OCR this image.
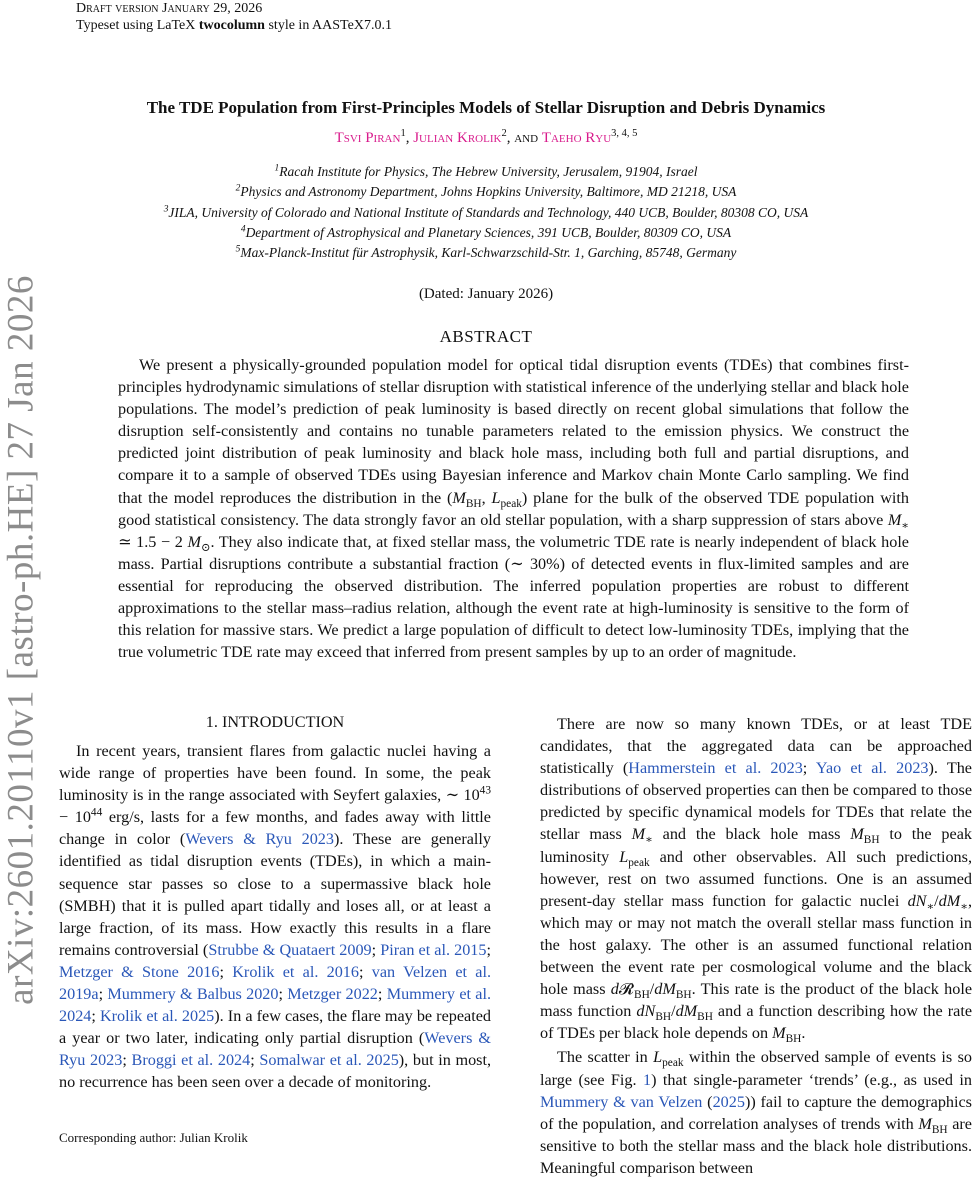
arXiv:2601.20110v1 [astro-ph.HE] 27 Jan 2026
Draft version January 29, 2026
Typeset using LaTeX twocolumn style in AASTeX7.0.1
The TDE Population from First-Principles Models of Stellar Disruption and Debris Dynamics
Tsvi Piran$^1$, Julian Krolik$^2$, and Taeho Ryu$^{3, 4, 5}$
$^1$Racah Institute for Physics, The Hebrew University, Jerusalem, 91904, Israel
$^2$Physics and Astronomy Department, Johns Hopkins University, Baltimore, MD 21218, USA
$^3$JILA, University of Colorado and National Institute of Standards and Technology, 440 UCB, Boulder, 80308 CO, USA
$^4$Department of Astrophysical and Planetary Sciences, 391 UCB, Boulder, 80309 CO, USA
$^5$Max-Planck-Institut für Astrophysik, Karl-Schwarzschild-Str. 1, Garching, 85748, Germany
(Dated: January 2026)
ABSTRACT
We present a physically-grounded population model for optical tidal disruption events (TDEs) that combines first-principles hydrodynamic simulations of stellar disruption with statistical inference of the underlying stellar and black hole populations. The model’s prediction of peak luminosity is based directly on recent global simulations that follow the disruption self-consistently and contains no tunable parameters related to the emission physics. We construct the predicted joint distribution of peak luminosity and black hole mass, including both full and partial disruptions, and compare it to a sample of observed TDEs using Bayesian inference and Markov chain Monte Carlo sampling. We find that the model reproduces the distribution in the ($M_{BH}$, $L_{peak}$) plane for the bulk of the observed TDE population with good statistical consistency. The data strongly favor an old stellar population, with a sharp suppression of stars above $M_∗$ ≃ 1.5 − 2 $M_⊙$. They also indicate that, at fixed stellar mass, the volumetric TDE rate is nearly independent of black hole mass. Partial disruptions contribute a substantial fraction (∼ 30%) of detected events in flux-limited samples and are essential for reproducing the observed distribution. The inferred population properties are robust to different approximations to the stellar mass–radius relation, although the event rate at high-luminosity is sensitive to the form of this relation for massive stars. We predict a large population of difficult to detect low-luminosity TDEs, implying that the true volumetric TDE rate may exceed that inferred from present samples by up to an order of magnitude.
1. INTRODUCTION

In recent years, transient flares from galactic nuclei having a wide range of properties have been found. In some, the peak luminosity is in the range associated with Seyfert galaxies, ∼ $10^{43} - 10^{44}$ erg/s, lasts for a few months, and fades away with little change in color (Wevers & Ryu 2023). These are generally identified as tidal disruption events (TDEs), in which a main-sequence star passes so close to a supermassive black hole (SMBH) that it is pulled apart tidally and loses all, or at least a large fraction, of its mass. How exactly this results in a flare remains controversial (Strubbe & Quataert 2009; Piran et al. 2015; Metzger & Stone 2016; Krolik et al. 2016; van Velzen et al. 2019a; Mummery & Balbus 2020; Metzger 2022; Mummery et al. 2024; Krolik et al. 2025). In a few cases, the flare may be repeated a year or two later, indicating only partial disruption (Wevers & Ryu 2023; Broggi et al. 2024; Somalwar et al. 2025), but in most, no recurrence has been seen over a decade of monitoring.

There are now so many known TDEs, or at least TDE candidates, that the aggregated data can be approached statistically (Hammerstein et al. 2023; Yao et al. 2023). The distributions of observed properties can then be compared to those predicted by specific dynamical models for TDEs that relate the stellar mass $M_∗$ and the black hole mass $M_{BH}$ to the peak luminosity $L_{peak}$ and other observables. All such predictions, however, rest on two assumed functions. One is an assumed present-day stellar mass function for galactic nuclei $dN_∗/dM_∗$, which may or may not match the overall stellar mass function in the host galaxy. The other is an assumed functional relation between the event rate per cosmological volume and the black hole mass $d𝓡_{BH}/dM_{BH}$. This rate is the product of the black hole mass function $dN_{BH}/dM_{BH}$ and a function describing how the rate of TDEs per black hole depends on $M_{BH}$.

The scatter in $L_{peak}$ within the observed sample of events is so large (see Fig. 1) that single-parameter ‘trends’ (e.g., as used in Mummery & van Velzen (2025)) fail to capture the demographics of the population, and correlation analyses of trends with $M_{BH}$ are sensitive to both the stellar mass and the black hole distributions. Meaningful comparison between

Corresponding author: Julian Krolik
